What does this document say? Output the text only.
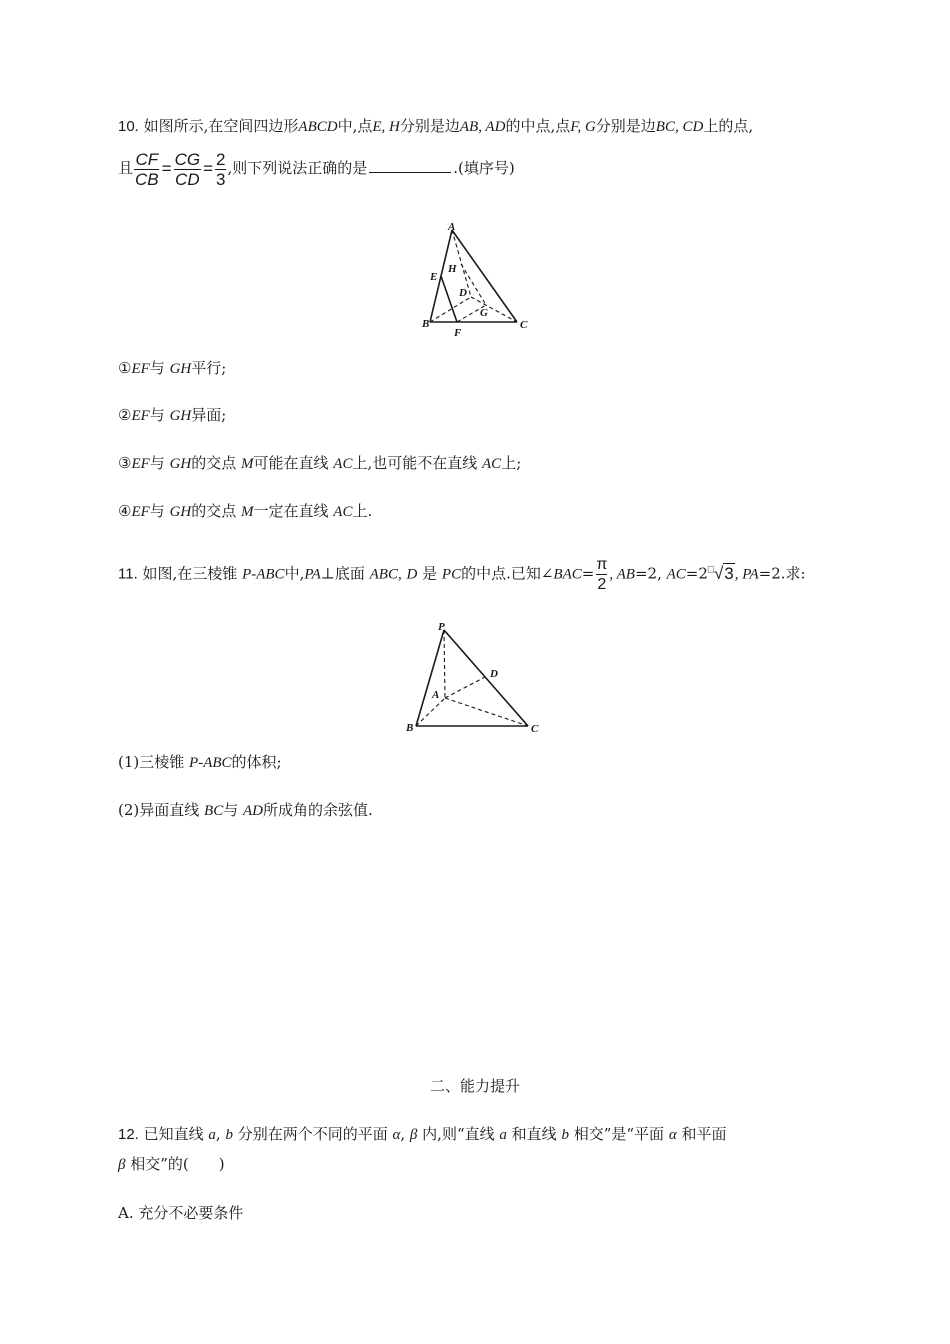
10. 如图所示,在空间四边形ABCD中,点E, H分别是边AB, AD的中点,点F, G分别是边BC, CD上的点,
且 $\frac{CF}{CB} = \frac{CG}{CD} = \frac{2}{3}$ ,则下列说法正确的是	.(填序号)
A
H
E
D
G
B
F
C
①EF与 GH平行;
②EF与 GH异面;
③EF与 GH的交点 M可能在直线 AC上,也可能不在直线 AC上;
④EF与 GH的交点 M一定在直线 AC上.
11. 如图,在三棱锥 P-ABC中,PA⊥底面 ABC, D 是 PC的中点.已知∠BAC= $\frac{\pi}{2}$ , AB=2, AC=2□√3, PA=2.求:
P
D
A
B	C
(1)三棱锥 P-ABC的体积;
(2)异面直线 BC与 AD所成角的余弦值.
二、能力提升
12. 已知直线 a, b 分别在两个不同的平面 α, β 内,则“直线 a 和直线 b 相交”是“平面 α 和平面
β 相交”的(　　)
A. 充分不必要条件
